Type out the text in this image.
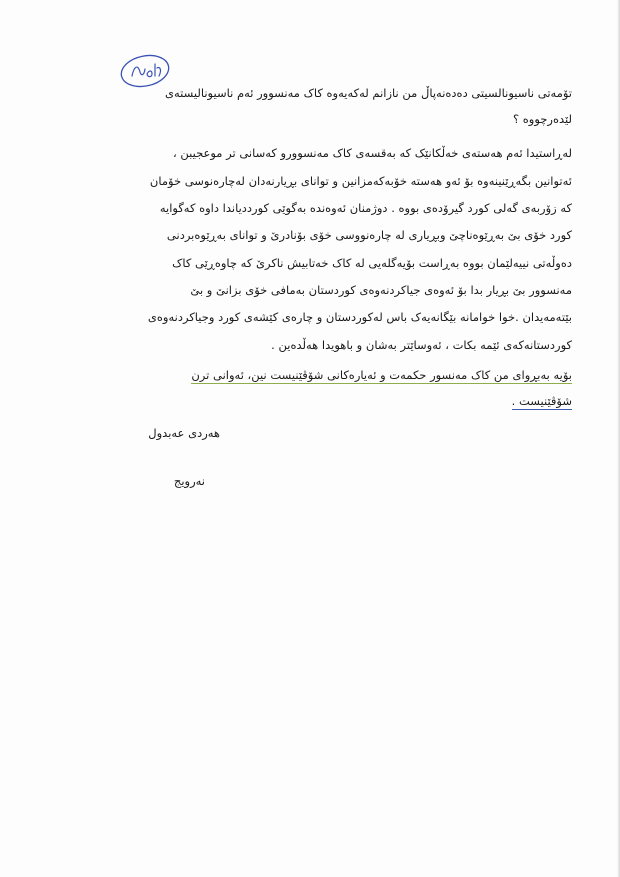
تۆمەتی ناسیونالسیتی دەدەنەپاڵ من نازانم لەکەیەوە کاک مەنسوور ئەم ناسیونالیستەی
لێدەرچووە ؟
لەڕاستیدا ئەم هەستەی خەڵکانێک کە بەقسەی کاک مەنسوورو کەسانی تر موعجیبن ،
ئەتوانین بگەڕێنینەوە بۆ ئەو هەستە خۆبەکەمزانین و تواناى بڕیارنەدان لەچارەنوسی خۆمان
کە زۆربەی گەلی کورد گیرۆدەی بووە . دوژمنان ئەوەندە بەگوێی کورددیاندا داوە کەگوایە
کورد خۆی بێ بەڕێوەناچێ وبڕیاری لە چارەنووسی خۆی بۆنادرێ و تواناى بەڕێوەبردنی
دەوڵەتی نییەلێمان بووە بەڕاست بۆیەگلەیی لە کاک خەتابیش ناکرێ کە چاوەڕێی کاک
مەنسوور بێ بڕیار بدا بۆ ئەوەی جیاکردنەوەی کوردستان بەمافی خۆی بزانێ و بێ
بێتەمەیدان .خوا خوامانە بێگانەیەک باس لەکوردستان و چارەی کێشەی کورد وجیاکردنەوەی
کوردستانەکەی ئێمە بکات ، ئەوساێتر بەشان و باهویدا هەڵدەین .
بۆیە بەبڕوای من کاک مەنسور حکمەت و ئەیارەکانی شۆڤێنیست نین، ئەوانی ترن
شۆڤێنیست .
هەردی عەبدول
نەرویج
